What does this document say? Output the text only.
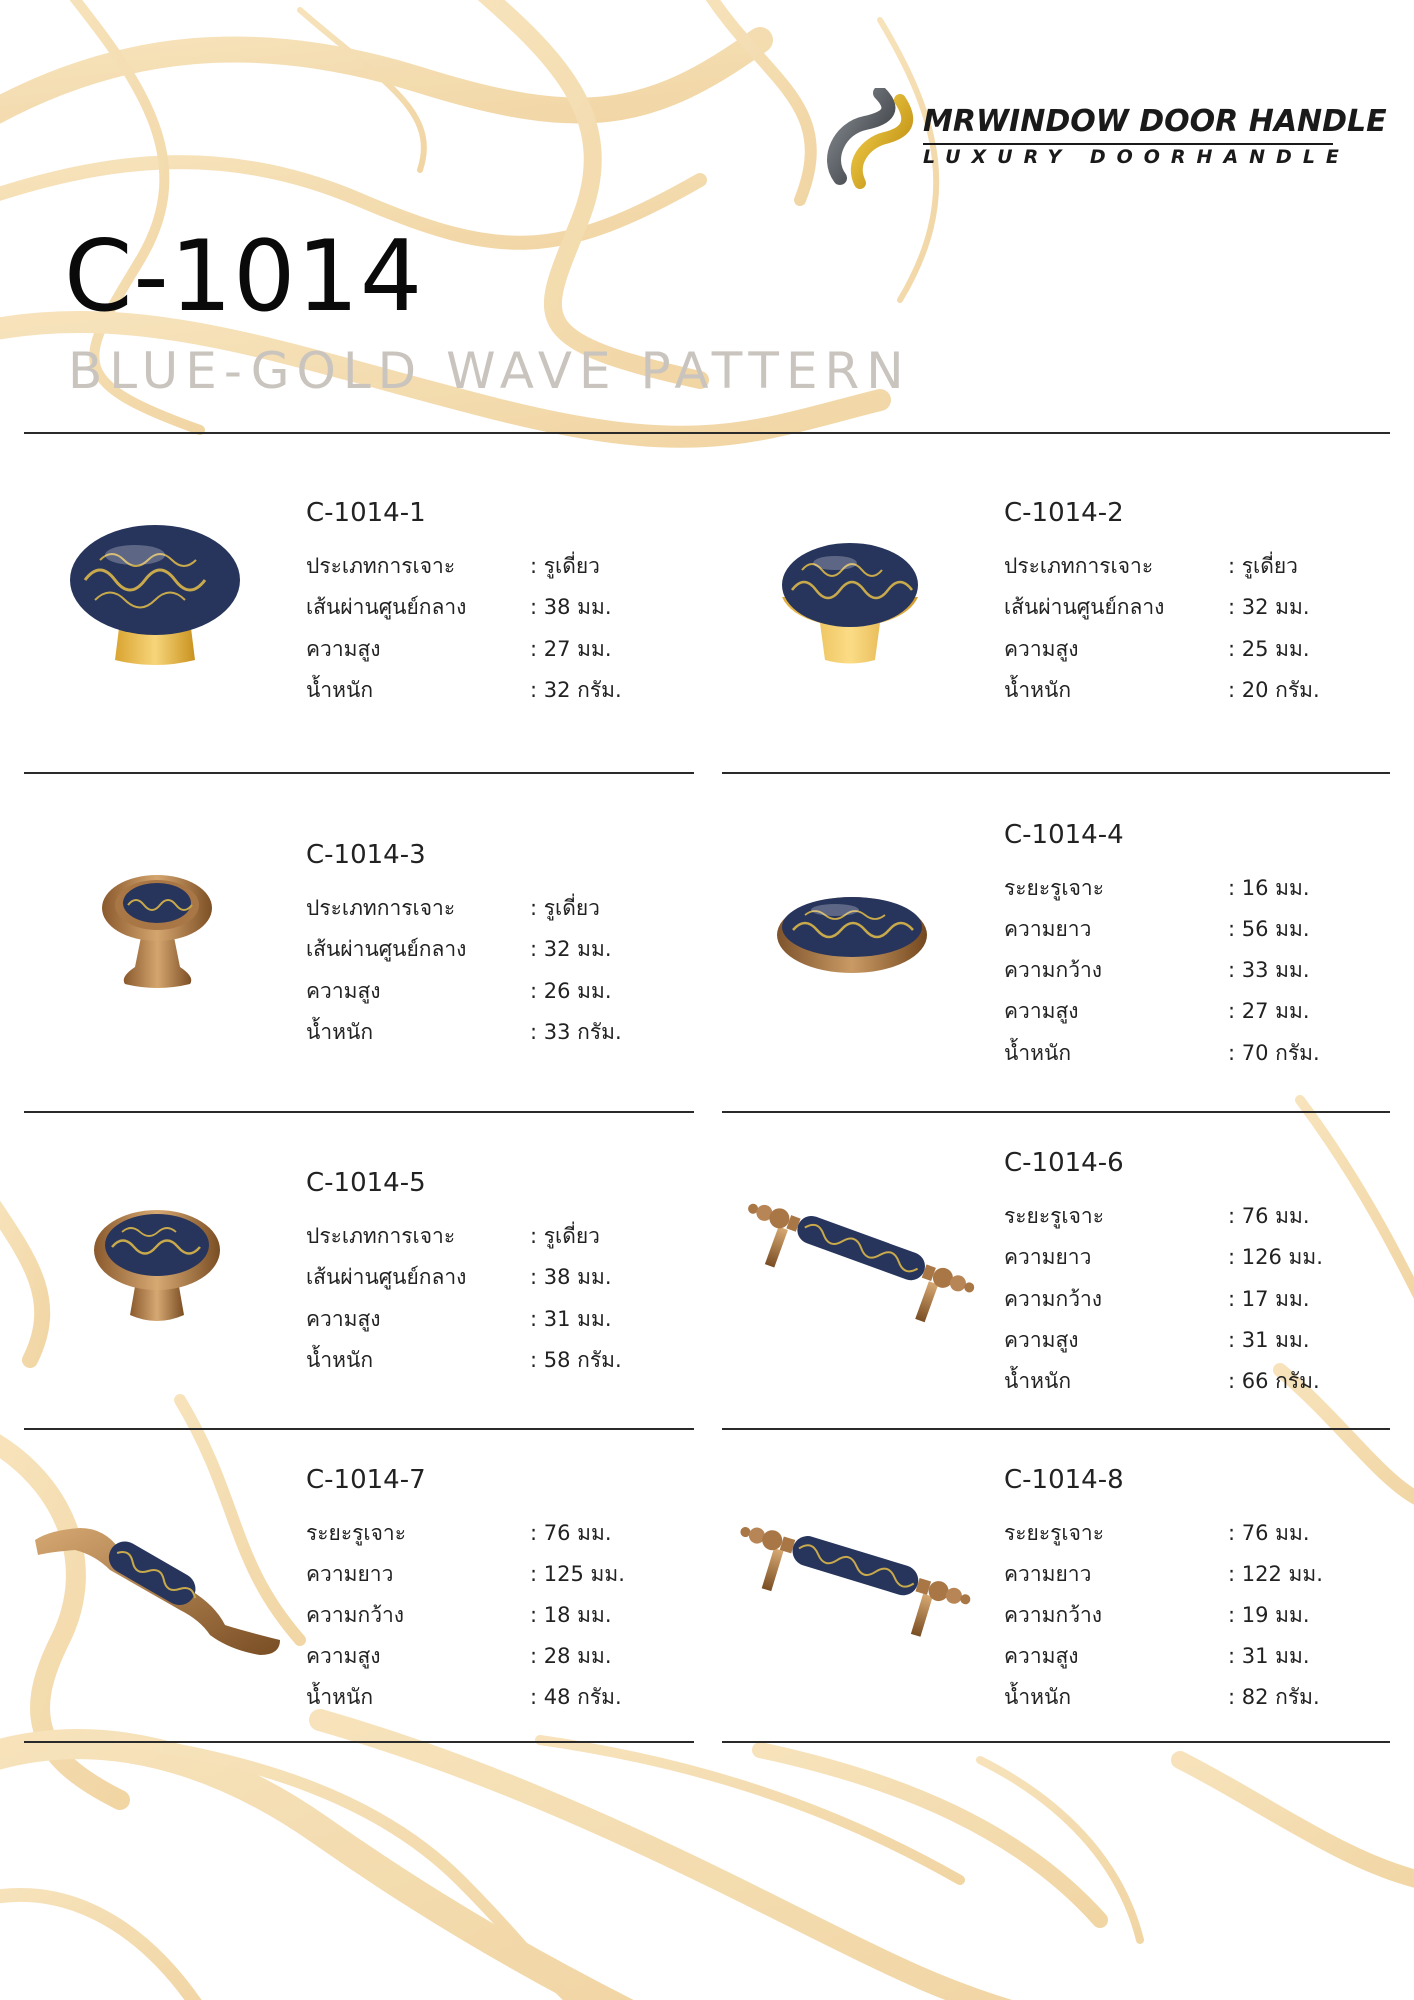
MRWINDOW DOOR HANDLE
LUXURY DOORHANDLE
C-1014
BLUE-GOLD WAVE PATTERN
C-1014-1
ประเภทการเจาะ	: รูเดี่ยว
เส้นผ่านศูนย์กลาง	: 38 มม.
ความสูง	: 27 มม.
น้ำหนัก	: 32 กรัม.
C-1014-2
ประเภทการเจาะ	: รูเดี่ยว
เส้นผ่านศูนย์กลาง	: 32 มม.
ความสูง	: 25 มม.
น้ำหนัก	: 20 กรัม.
C-1014-3
ประเภทการเจาะ	: รูเดี่ยว
เส้นผ่านศูนย์กลาง	: 32 มม.
ความสูง	: 26 มม.
น้ำหนัก	: 33 กรัม.
C-1014-4
ระยะรูเจาะ	: 16 มม.
ความยาว	: 56 มม.
ความกว้าง	: 33 มม.
ความสูง	: 27 มม.
น้ำหนัก	: 70 กรัม.
C-1014-5
ประเภทการเจาะ	: รูเดี่ยว
เส้นผ่านศูนย์กลาง	: 38 มม.
ความสูง	: 31 มม.
น้ำหนัก	: 58 กรัม.
C-1014-6
ระยะรูเจาะ	: 76 มม.
ความยาว	: 126 มม.
ความกว้าง	: 17 มม.
ความสูง	: 31 มม.
น้ำหนัก	: 66 กรัม.
C-1014-7
ระยะรูเจาะ	: 76 มม.
ความยาว	: 125 มม.
ความกว้าง	: 18 มม.
ความสูง	: 28 มม.
น้ำหนัก	: 48 กรัม.
C-1014-8
ระยะรูเจาะ	: 76 มม.
ความยาว	: 122 มม.
ความกว้าง	: 19 มม.
ความสูง	: 31 มม.
น้ำหนัก	: 82 กรัม.
